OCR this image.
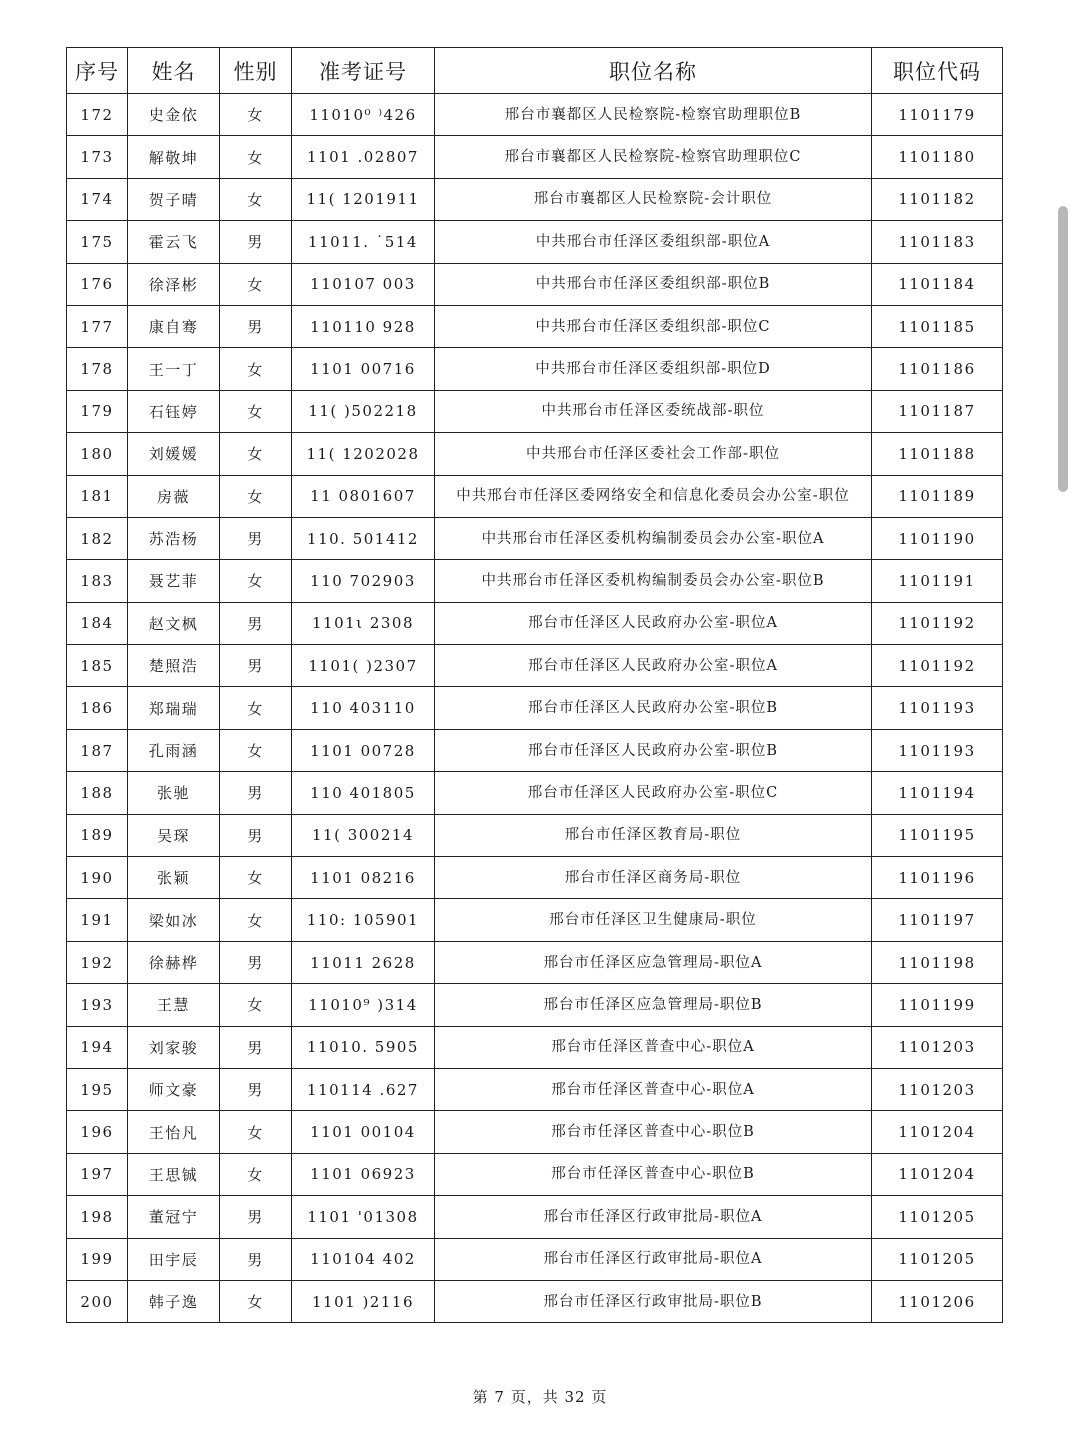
序号	姓名	性别	准考证号	职位名称	职位代码
172	史金依	女	11010⁰ ⁾426	邢台市襄都区人民检察院-检察官助理职位B	1101179
173	解敬坤	女	1101 .02807	邢台市襄都区人民检察院-检察官助理职位C	1101180
174	贺子晴	女	11( 1201911	邢台市襄都区人民检察院-会计职位	1101182
175	霍云飞	男	11011. ˙514	中共邢台市任泽区委组织部-职位A	1101183
176	徐泽彬	女	110107 003	中共邢台市任泽区委组织部-职位B	1101184
177	康自骞	男	110110 928	中共邢台市任泽区委组织部-职位C	1101185
178	王一丁	女	1101 00716	中共邢台市任泽区委组织部-职位D	1101186
179	石钰婷	女	11( )502218	中共邢台市任泽区委统战部-职位	1101187
180	刘媛媛	女	11( 1202028	中共邢台市任泽区委社会工作部-职位	1101188
181	房薇	女	11 0801607	中共邢台市任泽区委网络安全和信息化委员会办公室-职位	1101189
182	苏浩杨	男	110. 501412	中共邢台市任泽区委机构编制委员会办公室-职位A	1101190
183	聂艺菲	女	110 702903	中共邢台市任泽区委机构编制委员会办公室-职位B	1101191
184	赵文枫	男	1101ι 2308	邢台市任泽区人民政府办公室-职位A	1101192
185	楚照浩	男	1101( )2307	邢台市任泽区人民政府办公室-职位A	1101192
186	郑瑞瑞	女	110 403110	邢台市任泽区人民政府办公室-职位B	1101193
187	孔雨涵	女	1101 00728	邢台市任泽区人民政府办公室-职位B	1101193
188	张驰	男	110 401805	邢台市任泽区人民政府办公室-职位C	1101194
189	吴琛	男	11( 300214	邢台市任泽区教育局-职位	1101195
190	张颖	女	1101 08216	邢台市任泽区商务局-职位	1101196
191	梁如冰	女	110: 105901	邢台市任泽区卫生健康局-职位	1101197
192	徐赫桦	男	11011 2628	邢台市任泽区应急管理局-职位A	1101198
193	王慧	女	11010⁹ )314	邢台市任泽区应急管理局-职位B	1101199
194	刘家骏	男	11010. 5905	邢台市任泽区普查中心-职位A	1101203
195	师文豪	男	110114 .627	邢台市任泽区普查中心-职位A	1101203
196	王怡凡	女	1101 00104	邢台市任泽区普查中心-职位B	1101204
197	王思铖	女	1101 06923	邢台市任泽区普查中心-职位B	1101204
198	董冠宁	男	1101 '01308	邢台市任泽区行政审批局-职位A	1101205
199	田宇辰	男	110104 402	邢台市任泽区行政审批局-职位A	1101205
200	韩子逸	女	1101 )2116	邢台市任泽区行政审批局-职位B	1101206
第 7 页，共 32 页
